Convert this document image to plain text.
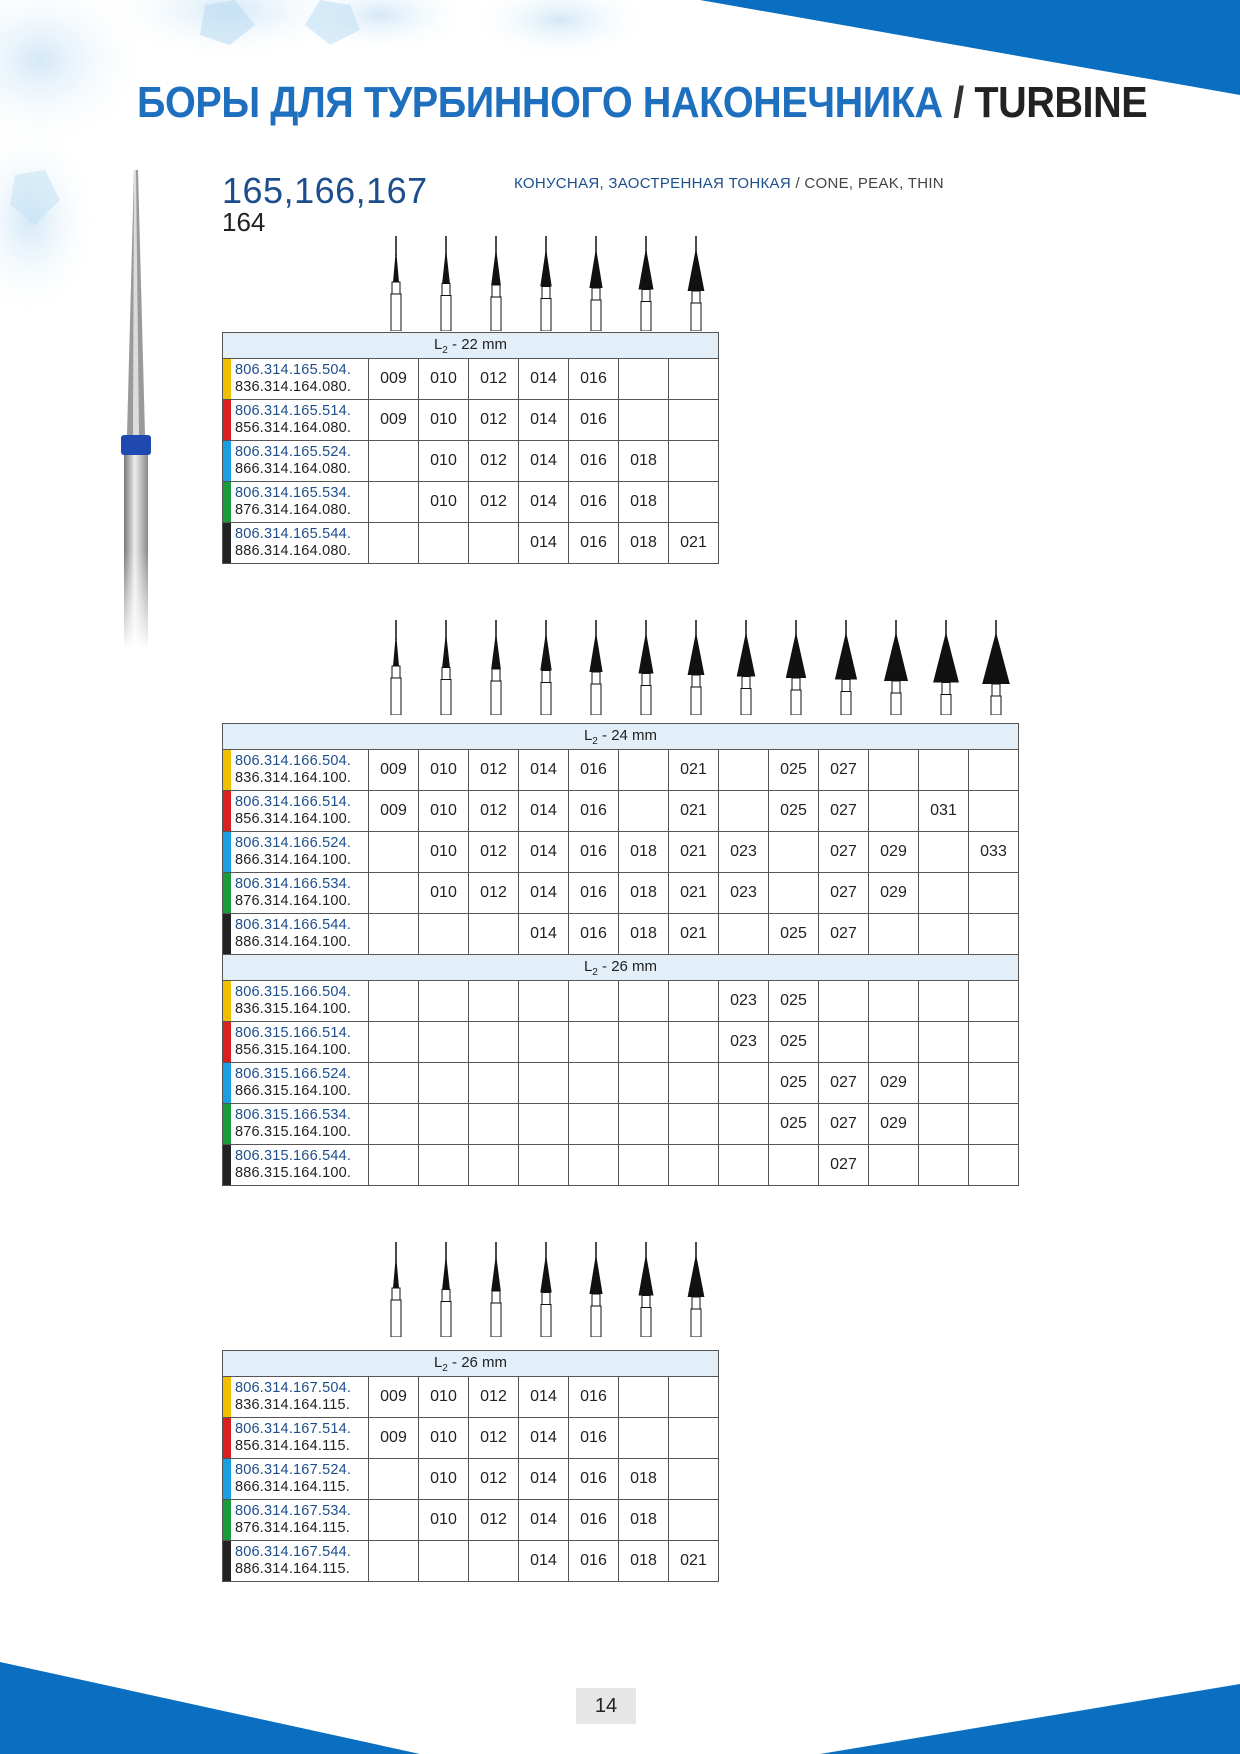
БОРЫ ДЛЯ ТУРБИННОГО НАКОНЕЧНИКА / TURBINE
165,166,167
164
КОНУСНАЯ, ЗАОСТРЕННАЯ ТОНКАЯ / CONE, PEAK, THIN
$L_2 - 22$ mm							

806.314.165.504.
836.314.164.080.	009	010	012	014	016		

806.314.165.514.
856.314.164.080.	009	010	012	014	016		

806.314.165.524.
866.314.164.080.		010	012	014	016	018	

806.314.165.534.
876.314.164.080.		010	012	014	016	018	

806.314.165.544.
886.314.164.080.				014	016	018	021
$L_2 - 24$ mm													

806.314.166.504.
836.314.164.100.	009	010	012	014	016		021		025	027			

806.314.166.514.
856.314.164.100.	009	010	012	014	016		021		025	027		031	

806.314.166.524.
866.314.164.100.		010	012	014	016	018	021	023		027	029		033

806.314.166.534.
876.314.164.100.		010	012	014	016	018	021	023		027	029		

806.314.166.544.
886.314.164.100.				014	016	018	021		025	027			
$L_2 - 26$ mm													

806.315.166.504.
836.315.164.100.								023	025				

806.315.166.514.
856.315.164.100.								023	025				

806.315.166.524.
866.315.164.100.									025	027	029		

806.315.166.534.
876.315.164.100.									025	027	029		

806.315.166.544.
886.315.164.100.										027			
$L_2 - 26$ mm							

806.314.167.504.
836.314.164.115.	009	010	012	014	016		

806.314.167.514.
856.314.164.115.	009	010	012	014	016		

806.314.167.524.
866.314.164.115.		010	012	014	016	018	

806.314.167.534.
876.314.164.115.		010	012	014	016	018	

806.314.167.544.
886.314.164.115.				014	016	018	021
14
